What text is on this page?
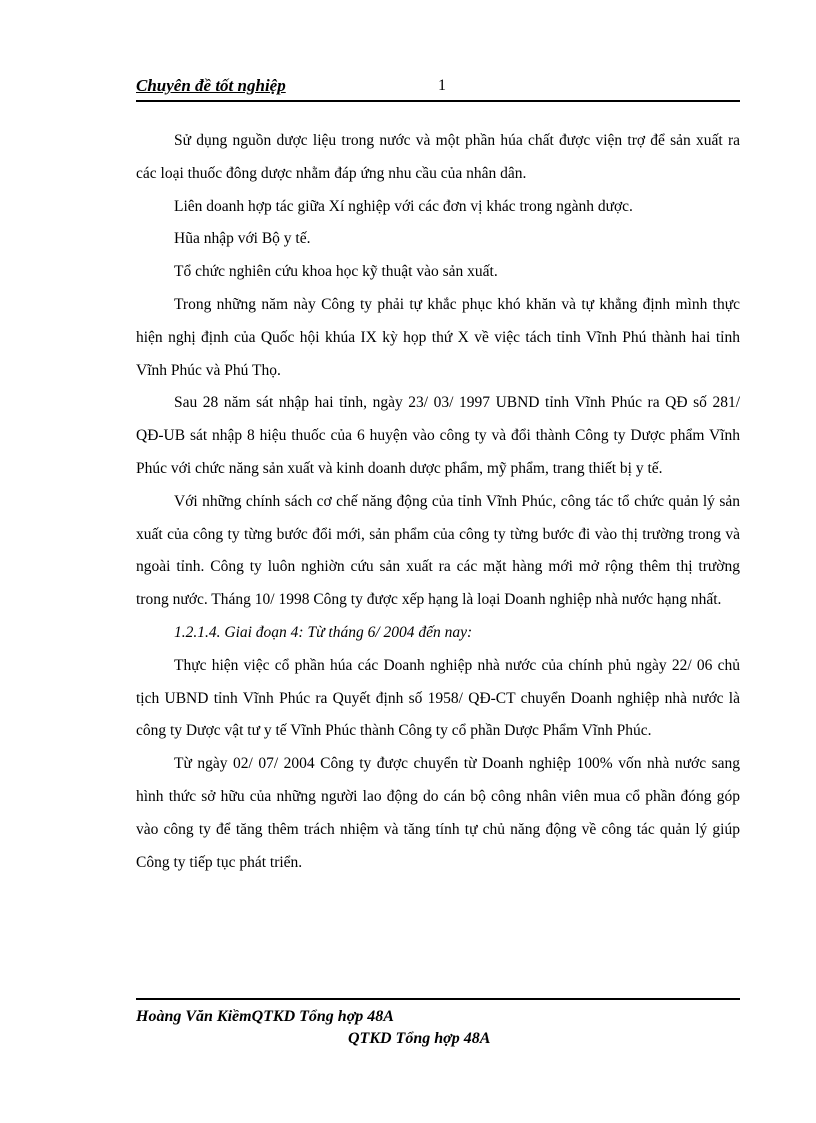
Chuyên đề tốt nghiệp	1

Sử dụng nguồn dược liệu trong nước và một phần húa chất được viện trợ để sản xuất ra các loại thuốc đông dược nhằm đáp ứng nhu cầu của nhân dân.

Liên doanh hợp tác giữa Xí nghiệp với các đơn vị khác trong ngành dược.

Hũa nhập với Bộ y tế.

Tổ chức nghiên cứu khoa học kỹ thuật vào sản xuất.

Trong những năm này Công ty phải tự khắc phục khó khăn và tự khẳng định mình thực hiện nghị định của Quốc hội khúa IX kỳ họp thứ X về việc tách tỉnh Vĩnh Phú thành hai tỉnh Vĩnh Phúc và Phú Thọ.

Sau 28 năm sát nhập hai tỉnh, ngày 23/ 03/ 1997 UBND tỉnh Vĩnh Phúc ra QĐ số 281/ QĐ-UB sát nhập 8 hiệu thuốc của 6 huyện vào công ty và đổi thành Công ty Dược phẩm Vĩnh Phúc với chức năng sản xuất và kinh doanh dược phẩm, mỹ phẩm, trang thiết bị y tế.

Với những chính sách cơ chế năng động của tỉnh Vĩnh Phúc, công tác tổ chức quản lý sản xuất của công ty từng bước đổi mới, sản phẩm của công ty từng bước đi vào thị trường trong và ngoài tỉnh. Công ty luôn nghiờn cứu sản xuất ra các mặt hàng mới mở rộng thêm thị trường trong nước. Tháng 10/ 1998 Công ty được xếp hạng là loại Doanh nghiệp nhà nước hạng nhất.

1.2.1.4. Giai đoạn 4: Từ tháng 6/ 2004 đến nay:

Thực hiện việc cổ phần húa các Doanh nghiệp nhà nước của chính phủ ngày 22/ 06 chủ tịch UBND tỉnh Vĩnh Phúc ra Quyết định số 1958/ QĐ-CT chuyển Doanh nghiệp nhà nước là công ty Dược vật tư y tế Vĩnh Phúc thành Công ty cổ phần Dược Phẩm Vĩnh Phúc.

Từ ngày 02/ 07/ 2004 Công ty được chuyển từ Doanh nghiệp 100% vốn nhà nước sang hình thức sở hữu của những người lao động do cán bộ công nhân viên mua cổ phần đóng góp vào công ty để tăng thêm trách nhiệm và tăng tính tự chủ năng động về công tác quản lý giúp Công ty tiếp tục phát triển.

Hoàng Văn KiềmQTKD Tổng hợp 48A
QTKD Tổng hợp 48A
